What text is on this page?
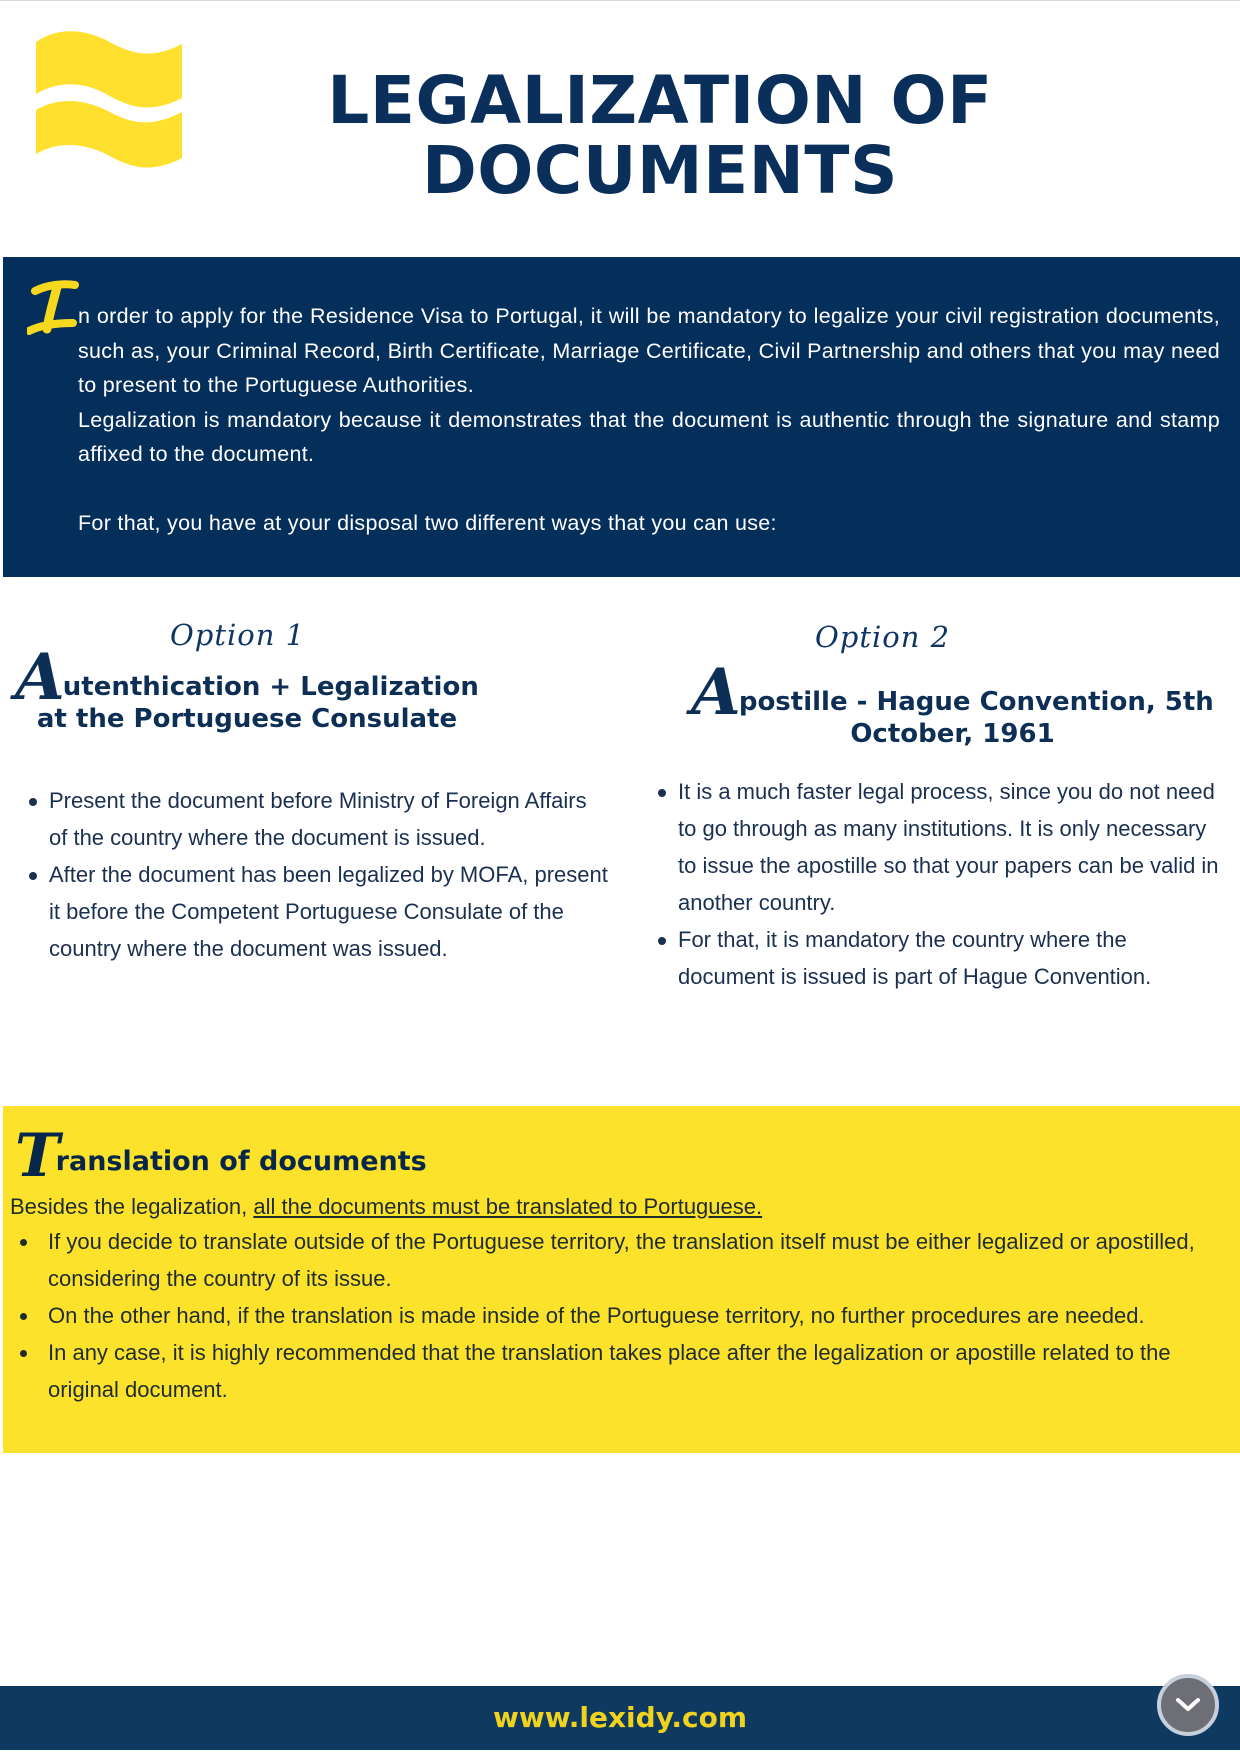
LEGALIZATION OF
DOCUMENTS

n order to apply for the Residence Visa to Portugal, it will be mandatory to legalize your civil registration documents, such as, your Criminal Record, Birth Certificate, Marriage Certificate, Civil Partnership and others that you may need to present to the Portuguese Authorities.

Legalization is mandatory because it demonstrates that the document is authentic through the signature and stamp affixed to the document.

For that, you have at your disposal two different ways that you can use:

Option 1
Autenthication + Legalization
at the Portuguese Consulate
Present the document before Ministry of Foreign Affairs of the country where the document is issued.
After the document has been legalized by MOFA, present it before the Competent Portuguese Consulate of the country where the document was issued.
Option 2
Apostille - Hague Convention, 5th
October, 1961
It is a much faster legal process, since you do not need to go through as many institutions. It is only necessary to issue the apostille so that your papers can be valid in another country.
For that, it is mandatory the country where the document is issued is part of Hague Convention.
Translation of documents
Besides the legalization, all the documents must be translated to Portuguese.
If you decide to translate outside of the Portuguese territory, the translation itself must be either legalized or apostilled, considering the country of its issue.
On the other hand, if the translation is made inside of the Portuguese territory, no further procedures are needed.
In any case, it is highly recommended that the translation takes place after the legalization or apostille related to the original document.
www.lexidy.com
